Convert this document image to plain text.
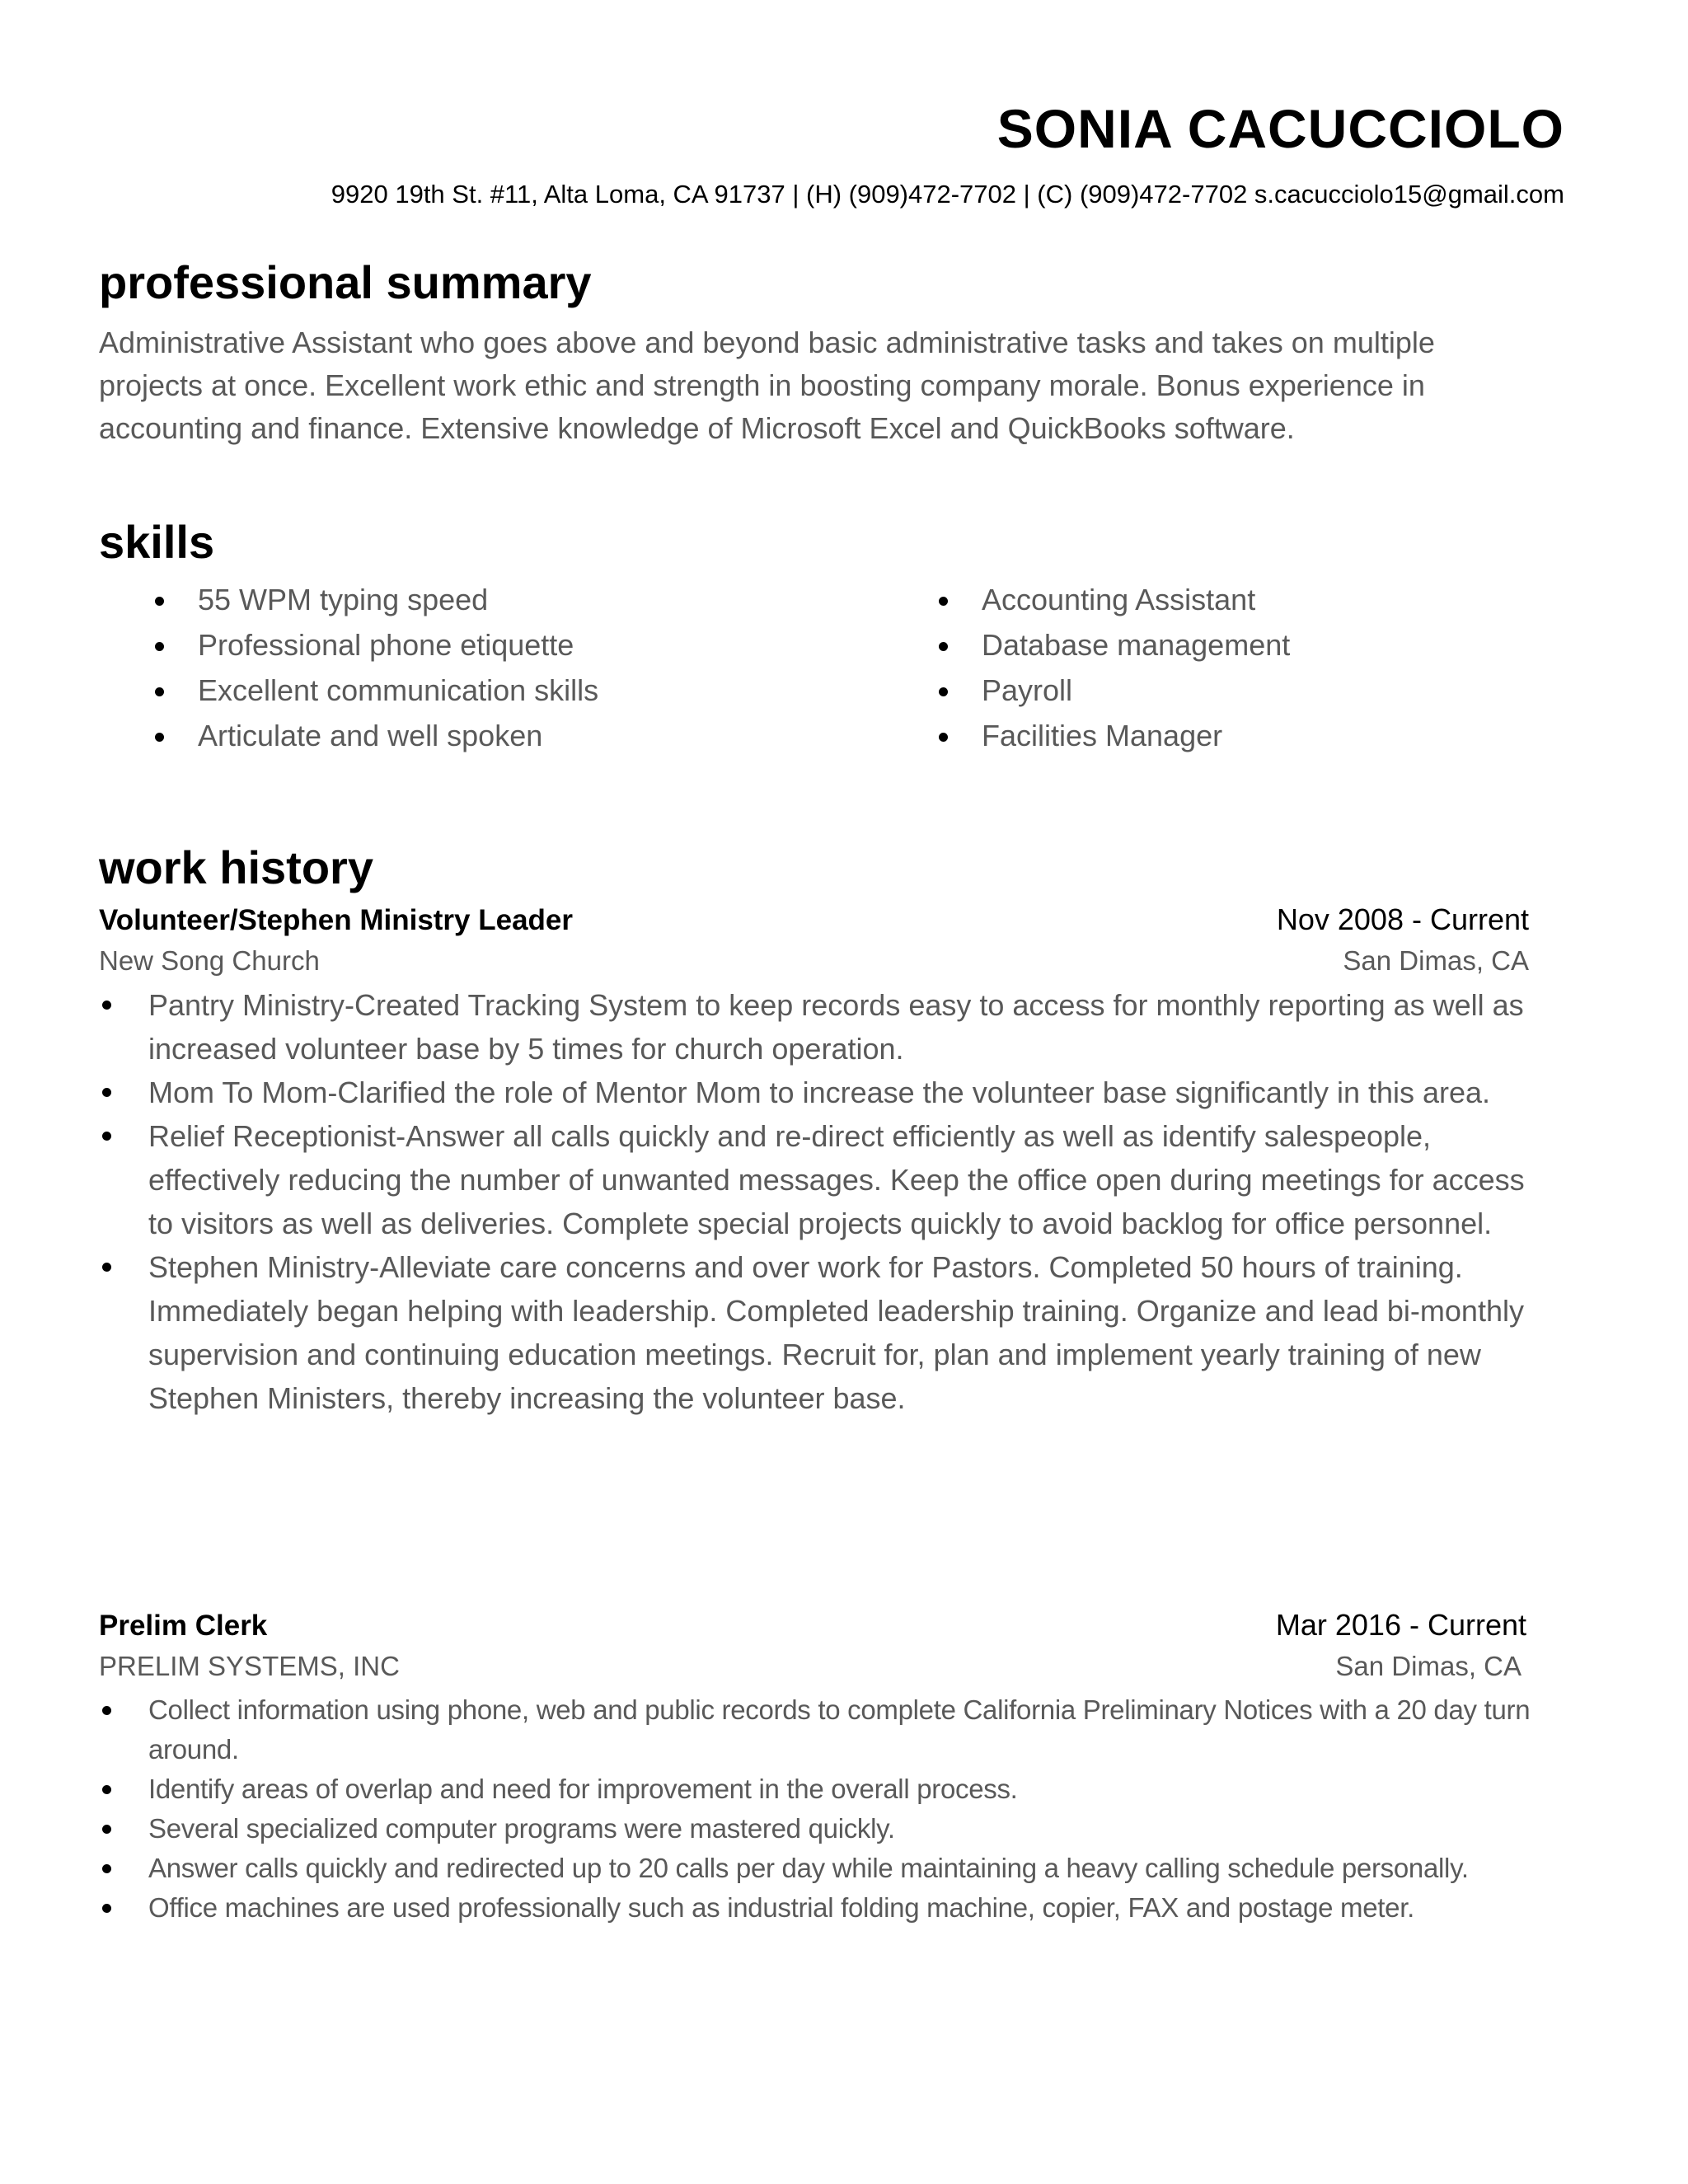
SONIA CACUCCIOLO
9920 19th St. #11, Alta Loma, CA 91737 | (H) (909)472-7702 | (C) (909)472-7702 s.cacucciolo15@gmail.com
professional summary

Administrative Assistant who goes above and beyond basic administrative tasks and takes on multiple projects at once. Excellent work ethic and strength in boosting company morale. Bonus experience in accounting and finance. Extensive knowledge of Microsoft Excel and QuickBooks software.

skills
55 WPM typing speed
Professional phone etiquette
Excellent communication skills
Articulate and well spoken
Accounting Assistant
Database management
Payroll
Facilities Manager
work history
Volunteer/Stephen Ministry Leader	Nov 2008 - Current
New Song Church	San Dimas, CA
Pantry Ministry-Created Tracking System to keep records easy to access for monthly reporting as well as increased volunteer base by 5 times for church operation.
Mom To Mom-Clarified the role of Mentor Mom to increase the volunteer base significantly in this area.
Relief Receptionist-Answer all calls quickly and re-direct efficiently as well as identify salespeople, effectively reducing the number of unwanted messages. Keep the office open during meetings for access to visitors as well as deliveries. Complete special projects quickly to avoid backlog for office personnel.
Stephen Ministry-Alleviate care concerns and over work for Pastors. Completed 50 hours of training. Immediately began helping with leadership. Completed leadership training. Organize and lead bi-monthly supervision and continuing education meetings. Recruit for, plan and implement yearly training of new Stephen Ministers, thereby increasing the volunteer base.
Prelim Clerk	Mar 2016 - Current
PRELIM SYSTEMS, INC	San Dimas, CA
Collect information using phone, web and public records to complete California Preliminary Notices with a 20 day turn around.
Identify areas of overlap and need for improvement in the overall process.
Several specialized computer programs were mastered quickly.
Answer calls quickly and redirected up to 20 calls per day while maintaining a heavy calling schedule personally.
Office machines are used professionally such as industrial folding machine, copier, FAX and postage meter.
